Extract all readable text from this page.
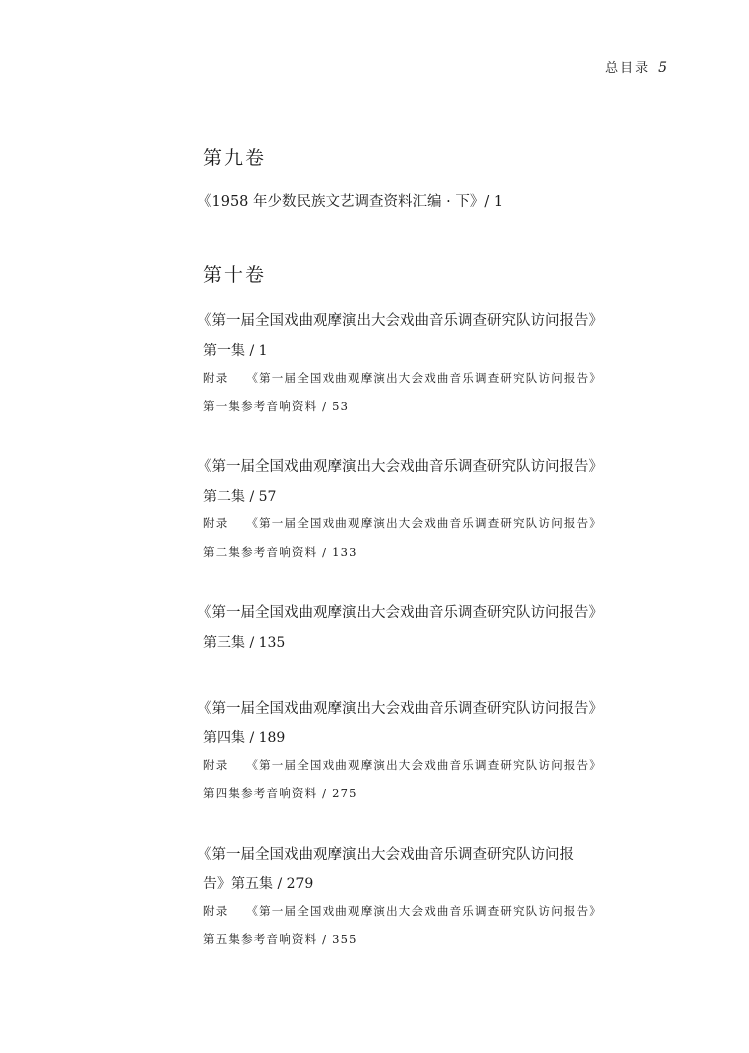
总目录 5
第九卷
《1958 年少数民族文艺调查资料汇编 · 下》/ 1
第十卷
《第一届全国戏曲观摩演出大会戏曲音乐调查研究队访问报告》
第一集 / 1
附录 《第一届全国戏曲观摩演出大会戏曲音乐调查研究队访问报告》
第一集参考音响资料 / 53
《第一届全国戏曲观摩演出大会戏曲音乐调查研究队访问报告》
第二集 / 57
附录 《第一届全国戏曲观摩演出大会戏曲音乐调查研究队访问报告》
第二集参考音响资料 / 133
《第一届全国戏曲观摩演出大会戏曲音乐调查研究队访问报告》
第三集 / 135
《第一届全国戏曲观摩演出大会戏曲音乐调查研究队访问报告》
第四集 / 189
附录 《第一届全国戏曲观摩演出大会戏曲音乐调查研究队访问报告》
第四集参考音响资料 / 275
《第一届全国戏曲观摩演出大会戏曲音乐调查研究队访问报
告》第五集 / 279
附录 《第一届全国戏曲观摩演出大会戏曲音乐调查研究队访问报告》
第五集参考音响资料 / 355
